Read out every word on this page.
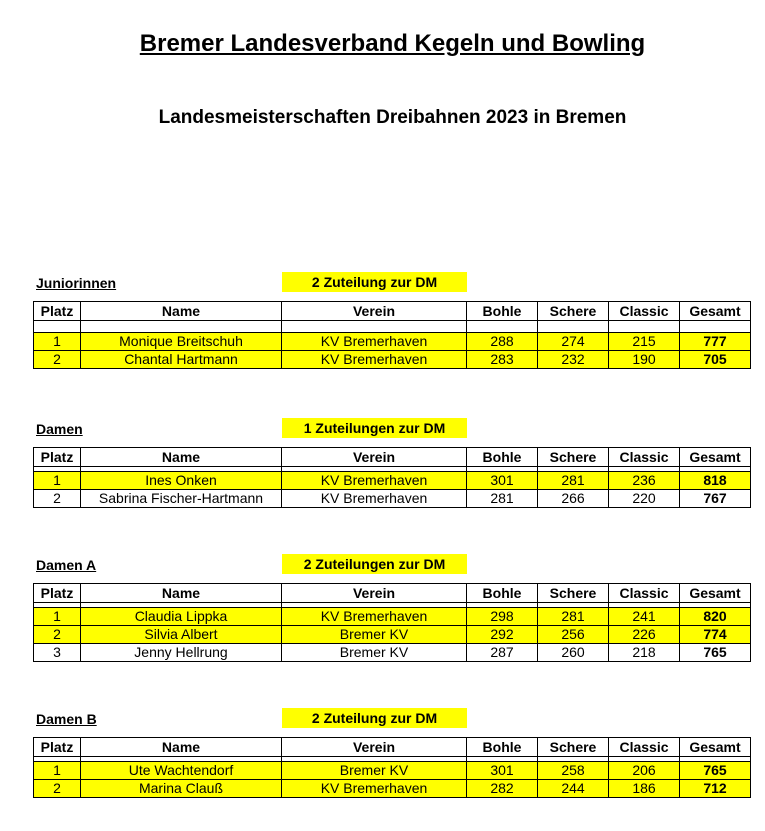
Bremer Landesverband Kegeln und Bowling
Landesmeisterschaften Dreibahnen 2023 in Bremen
Juniorinnen	2 Zuteilung zur DM
Platz	Name	Verein	Bohle	Schere	Classic	Gesamt

1	Monique Breitschuh	KV Bremerhaven	288	274	215	777
2	Chantal Hartmann	KV Bremerhaven	283	232	190	705
Damen	1 Zuteilungen zur DM
Platz	Name	Verein	Bohle	Schere	Classic	Gesamt

1	Ines Onken	KV Bremerhaven	301	281	236	818
2	Sabrina Fischer-Hartmann	KV Bremerhaven	281	266	220	767
Damen A	2 Zuteilungen zur DM
Platz	Name	Verein	Bohle	Schere	Classic	Gesamt

1	Claudia Lippka	KV Bremerhaven	298	281	241	820
2	Silvia Albert	Bremer KV	292	256	226	774
3	Jenny Hellrung	Bremer KV	287	260	218	765
Damen B	2 Zuteilung zur DM
Platz	Name	Verein	Bohle	Schere	Classic	Gesamt

1	Ute Wachtendorf	Bremer KV	301	258	206	765
2	Marina Clauß	KV Bremerhaven	282	244	186	712
